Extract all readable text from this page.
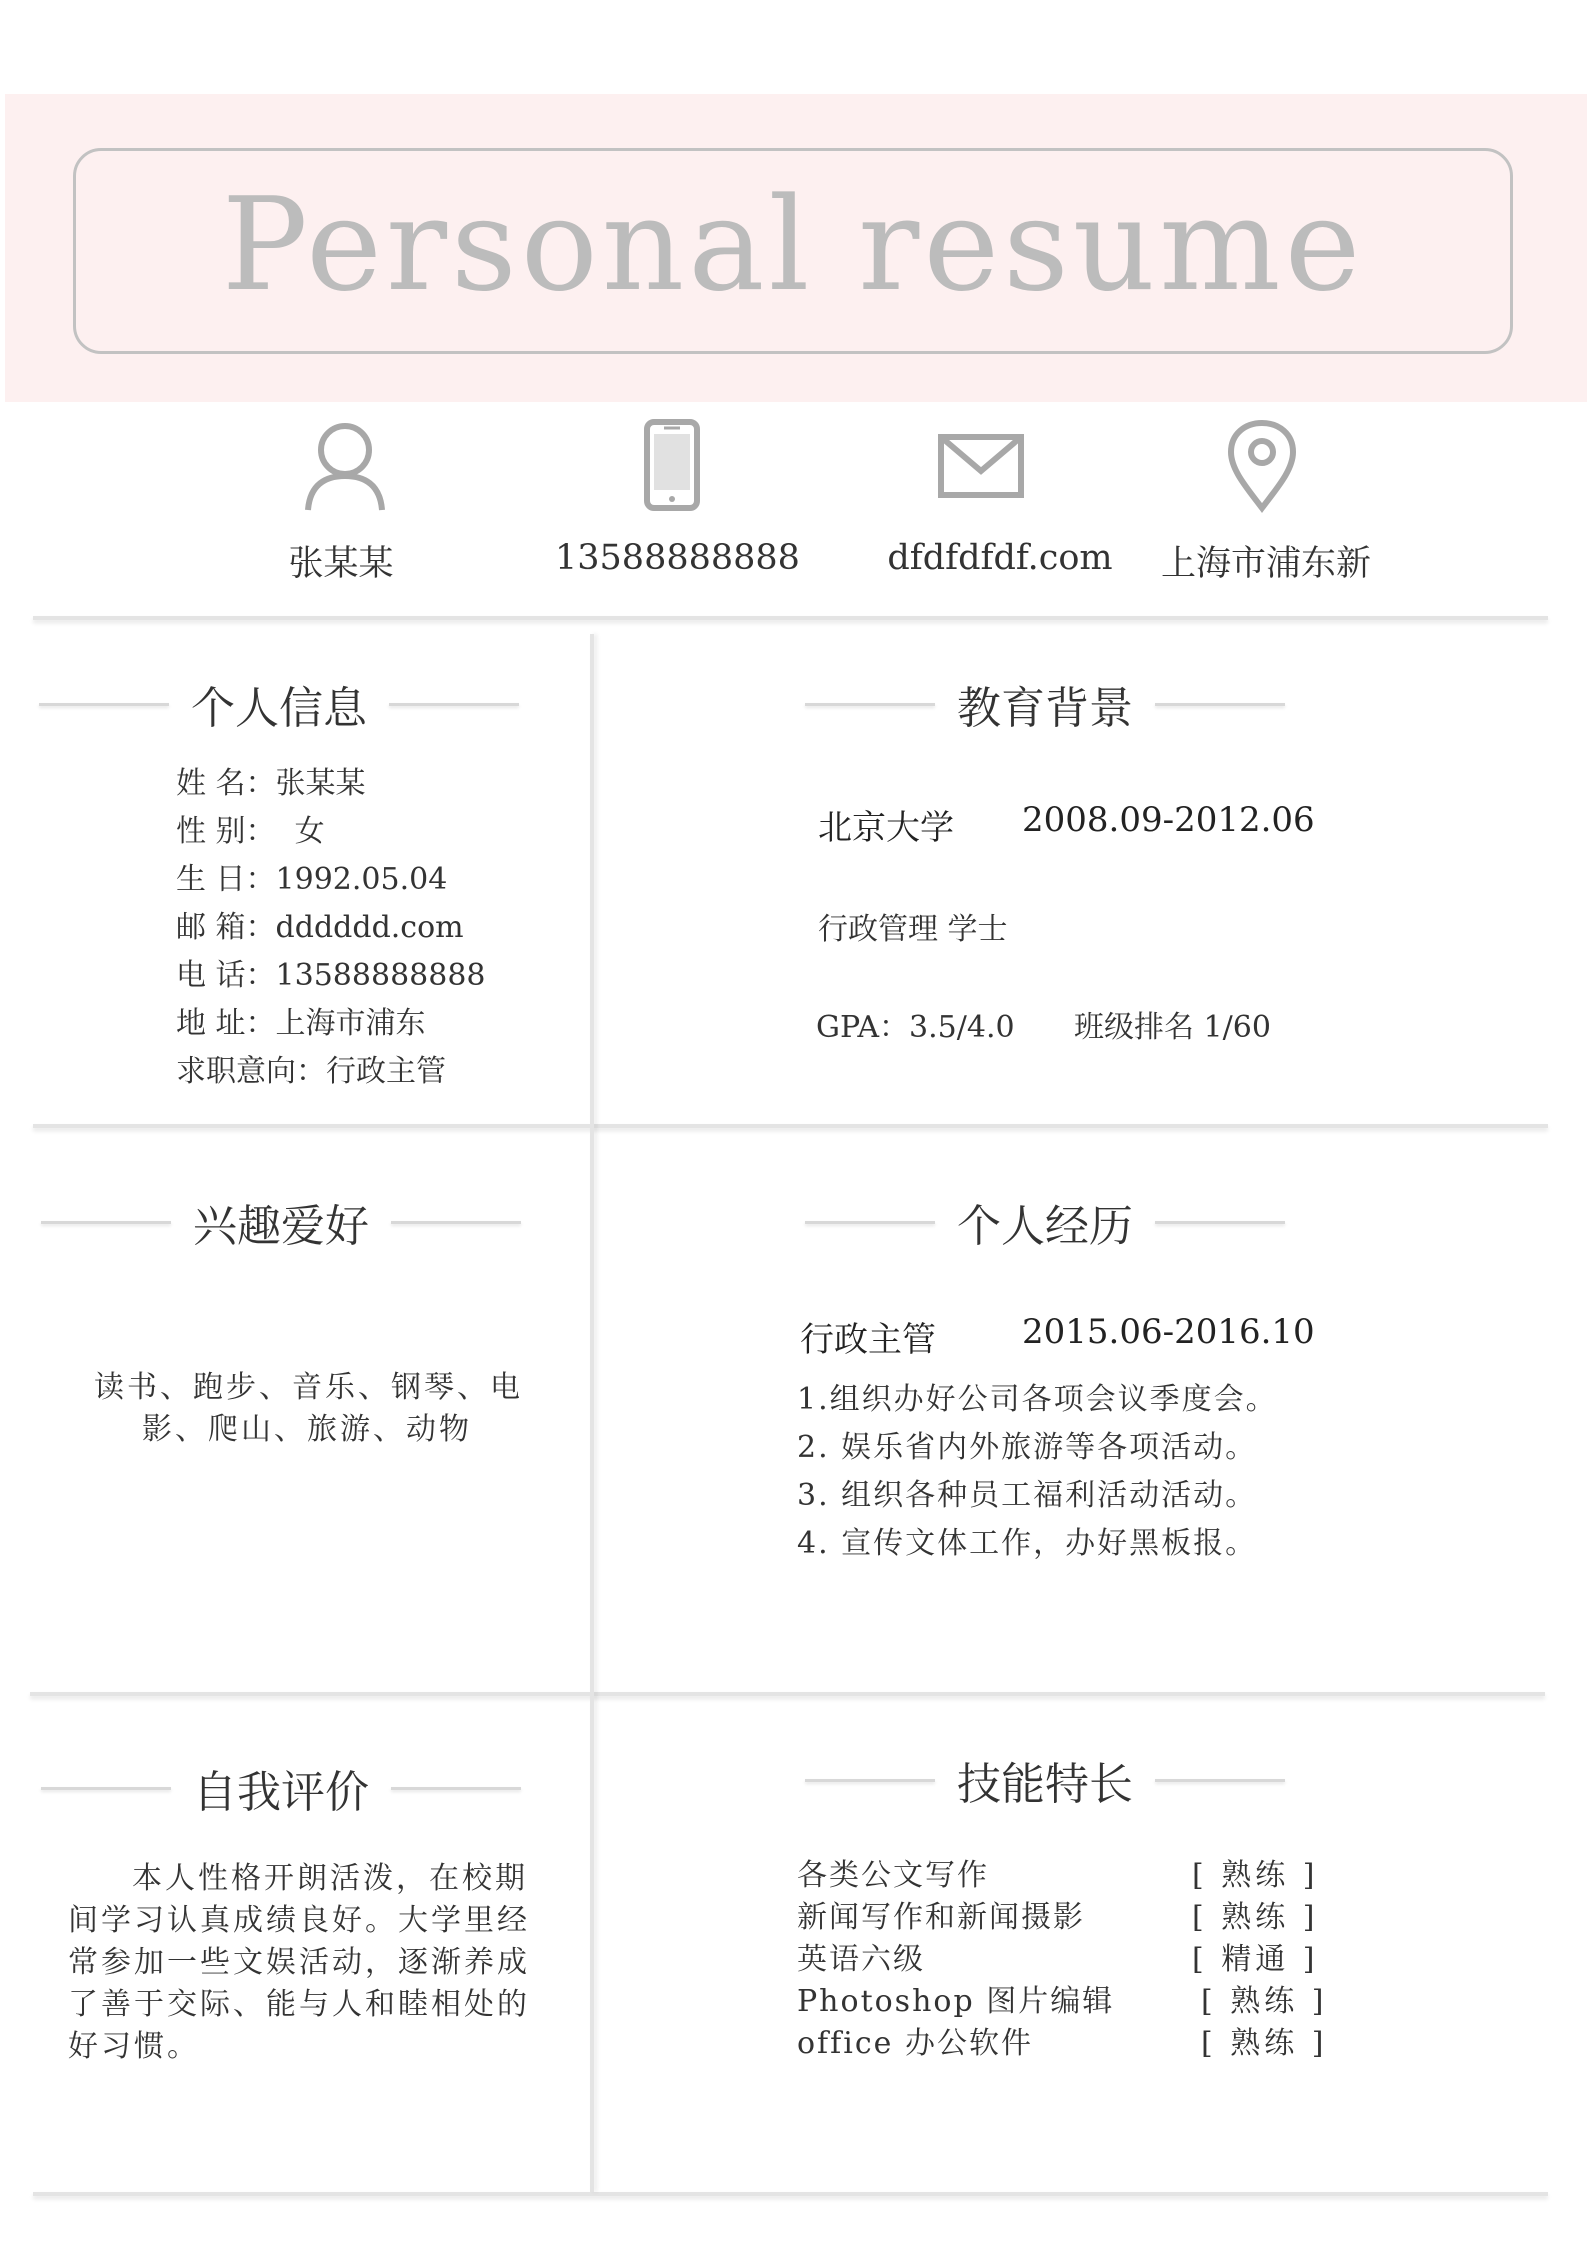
Personal resume
张某某	13588888888 dfdfdfdf.com	上海市浦东新
个人信息
姓 名：张某某
性 别：  女
生 日：1992.05.04
邮 箱：dddddd.com
电 话：13588888888
地 址：上海市浦东
求职意向：行政主管
教育背景
北京大学 2008.09-2012.06
行政管理 学士
GPA：3.5/4.0 班级排名 1/60
兴趣爱好
读书、跑步、音乐、钢琴、电
影、爬山、旅游、动物
个人经历
行政主管	2015.06-2016.10
1.组织办好公司各项会议季度会。
2. 娱乐省内外旅游等各项活动。
3. 组织各种员工福利活动活动。
4. 宣传文体工作，办好黑板报。
自我评价
本人性格开朗活泼，在校期
间学习认真成绩良好。大学里经
常参加一些文娱活动，逐渐养成
了善于交际、能与人和睦相处的
好习惯。
技能特长
各类公文写作	[ 熟练 ]
新闻写作和新闻摄影	[ 熟练 ]
英语六级	[ 精通 ]
Photoshop 图片编辑	[ 熟练 ]
office 办公软件	[ 熟练 ]
